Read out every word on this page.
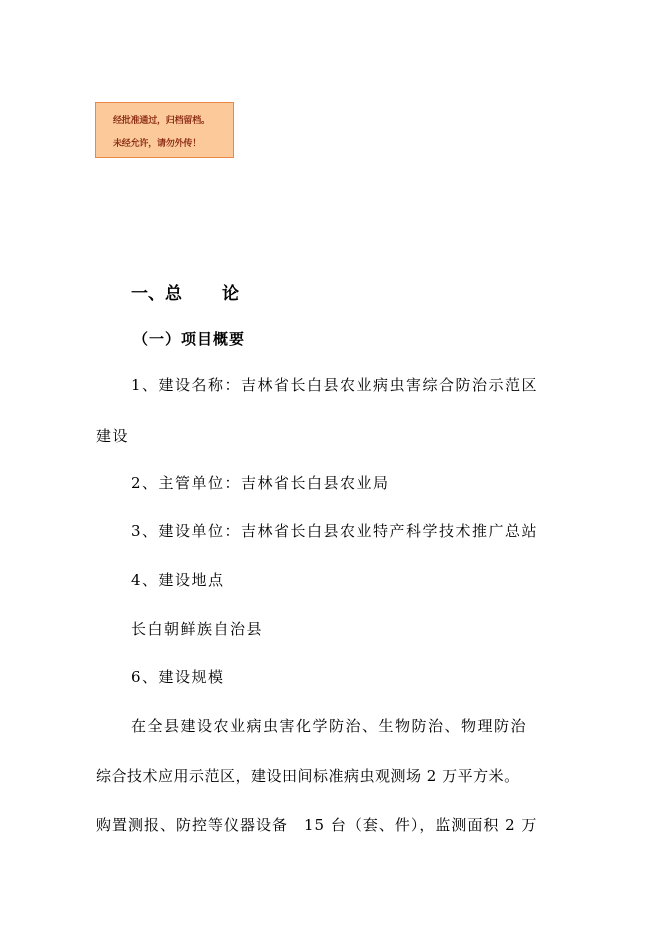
经批准通过，归档留档。
未经允许，请勿外传！
一、总 论
（一）项目概要
1、建设名称：吉林省长白县农业病虫害综合防治示范区
建设
2、主管单位：吉林省长白县农业局
3、建设单位：吉林省长白县农业特产科学技术推广总站
4、建设地点
长白朝鲜族自治县
6、建设规模
在全县建设农业病虫害化学防治、生物防治、物理防治
综合技术应用示范区，建设田间标准病虫观测场 2 万平方米。
购置测报、防控等仪器设备　15 台（套、件），监测面积 2 万
